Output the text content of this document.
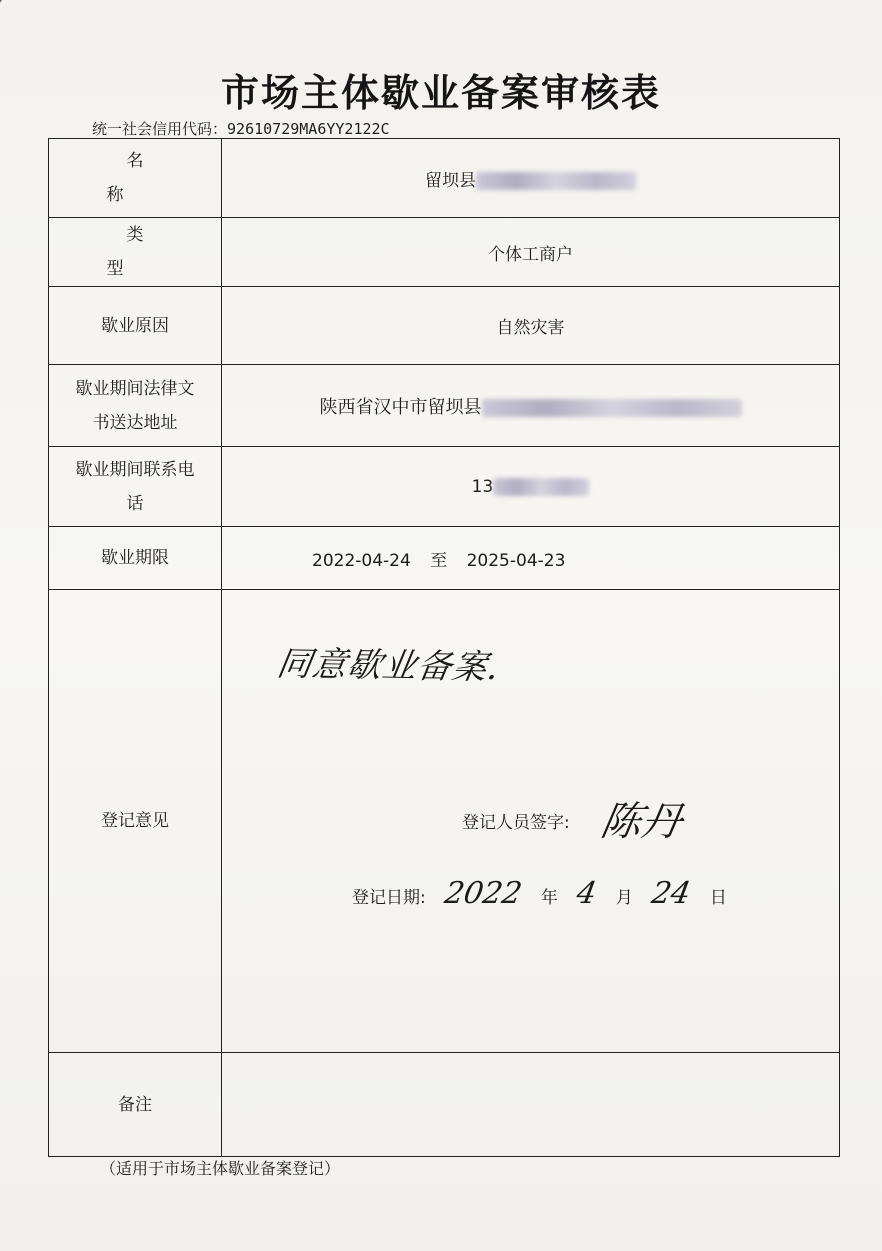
市场主体歇业备案审核表
统一社会信用代码：92610729MA6YY2122C
名　称	留坝县
类　型	个体工商户
歇业原因	自然灾害

歇业期间法律文
书送达地址	陕西省汉中市留坝县

歇业期间联系电
话	13
歇业期限	2022-04-24 至 2025-04-23
登记意见	同意歇业备案.
登记人员签字: 陈丹
登记日期: 2022 年 4 月 24 日

备注	
（适用于市场主体歇业备案登记）
